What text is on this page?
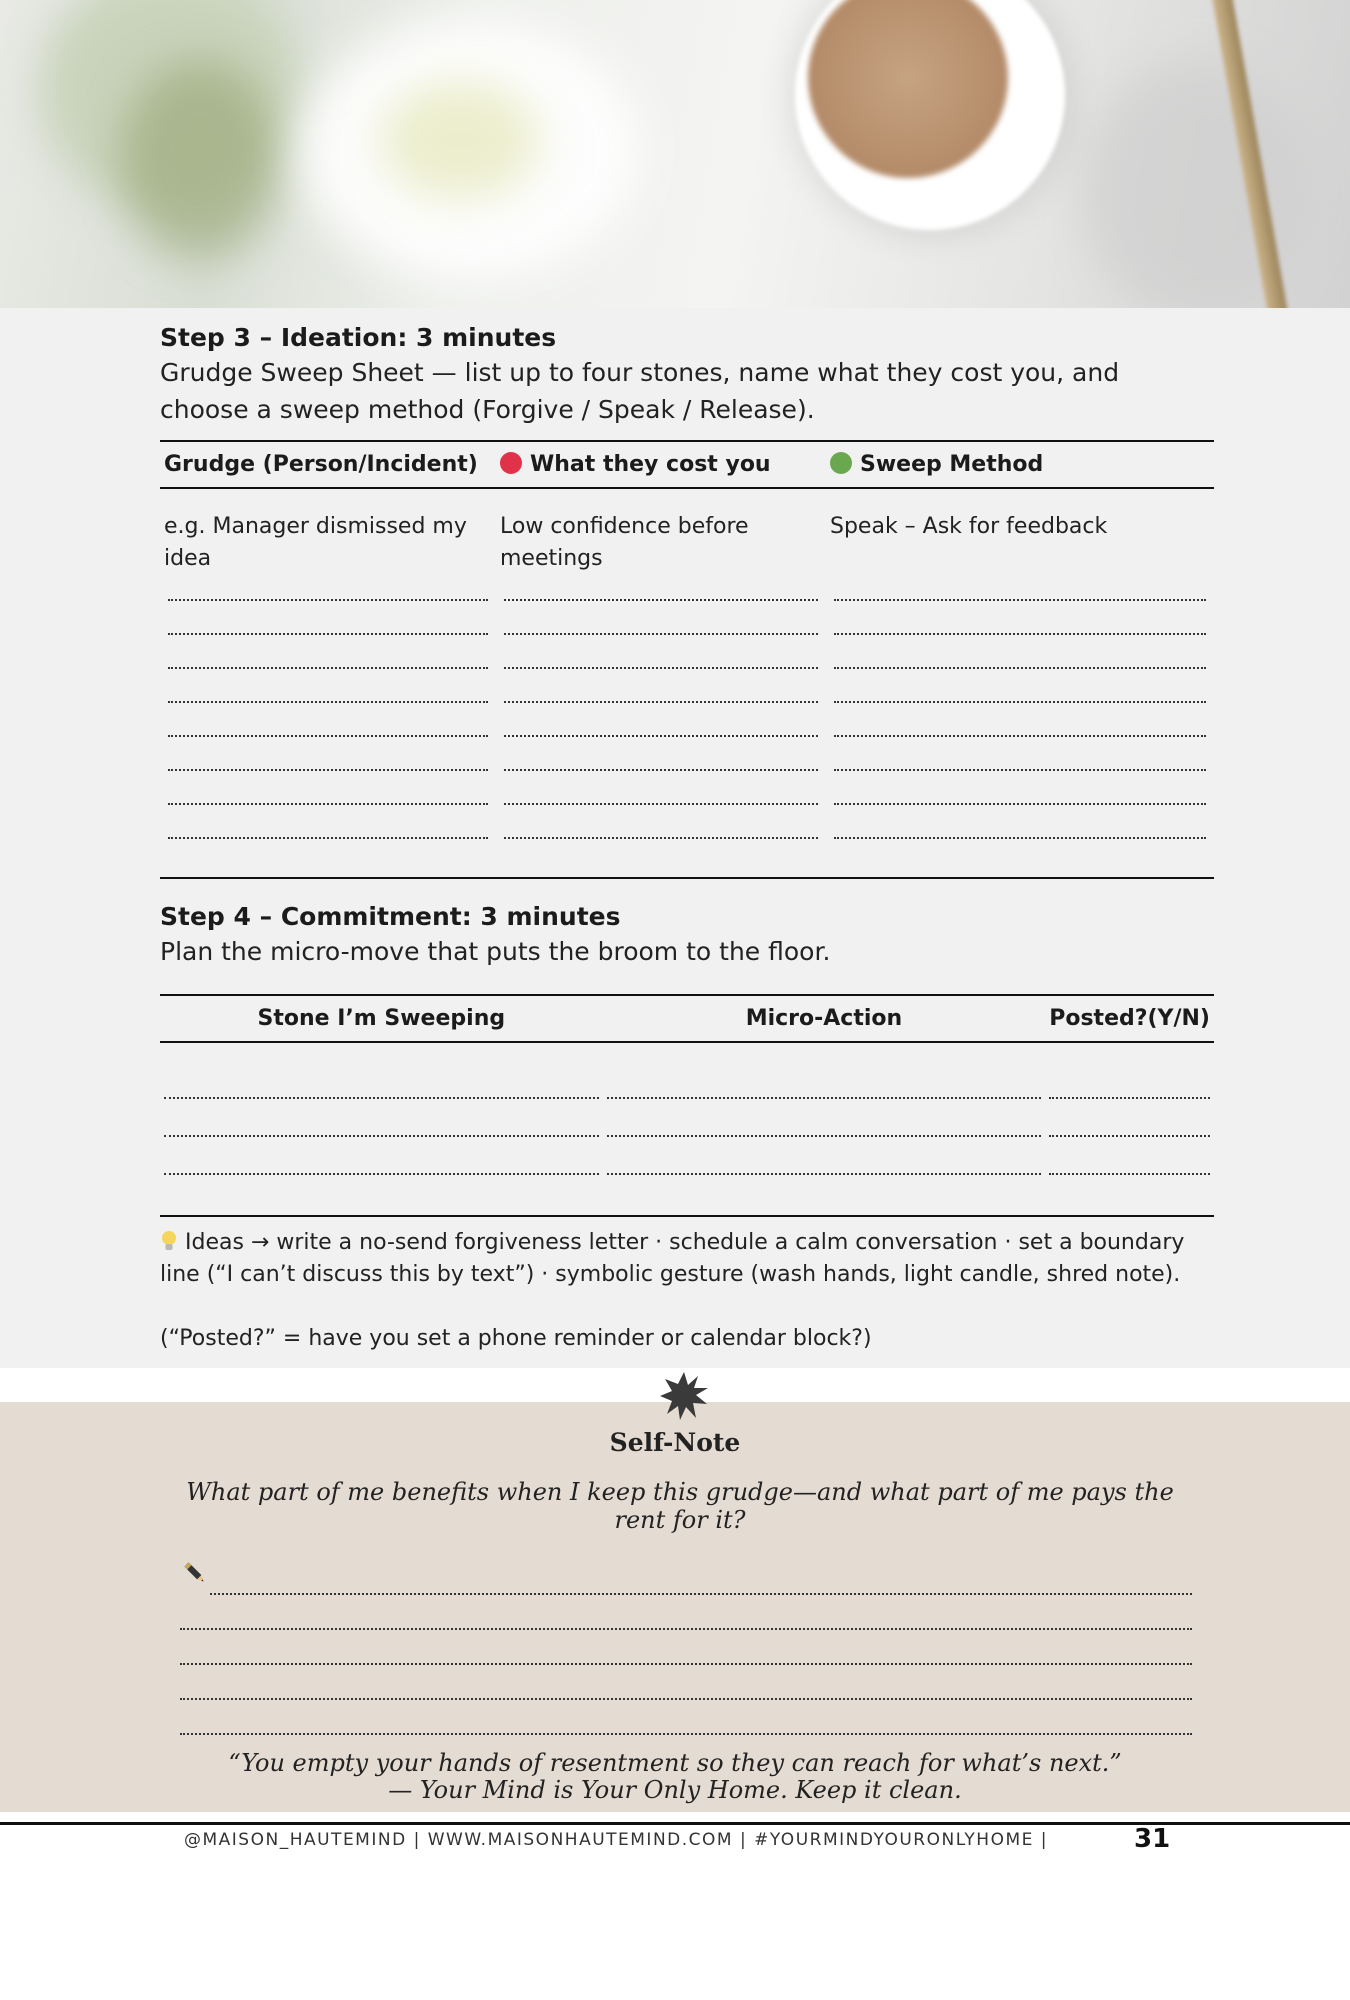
Step 3 – Ideation: 3 minutes
Grudge Sweep Sheet — list up to four stones, name what they cost you, and choose a sweep method (Forgive / Speak / Release).
Grudge (Person/Incident)	What they cost you	Sweep Method
e.g. Manager dismissed my idea	Low confidence before meetings	Speak – Ask for feedback

Step 4 – Commitment: 3 minutes
Plan the micro-move that puts the broom to the floor.
Stone I’m Sweeping	Micro-Action	Posted?(Y/N)

Ideas → write a no-send forgiveness letter · schedule a calm conversation · set a boundary line (“I can’t discuss this by text”) · symbolic gesture (wash hands, light candle, shred note).
(“Posted?” = have you set a phone reminder or calendar block?)
Self-Note
What part of me benefits when I keep this grudge—and what part of me pays the rent for it?
“You empty your hands of resentment so they can reach for what’s next.”
— Your Mind is Your Only Home. Keep it clean.
@MAISON_HAUTEMIND | WWW.MAISONHAUTEMIND.COM | #YOURMINDYOURONLYHOME |	31
